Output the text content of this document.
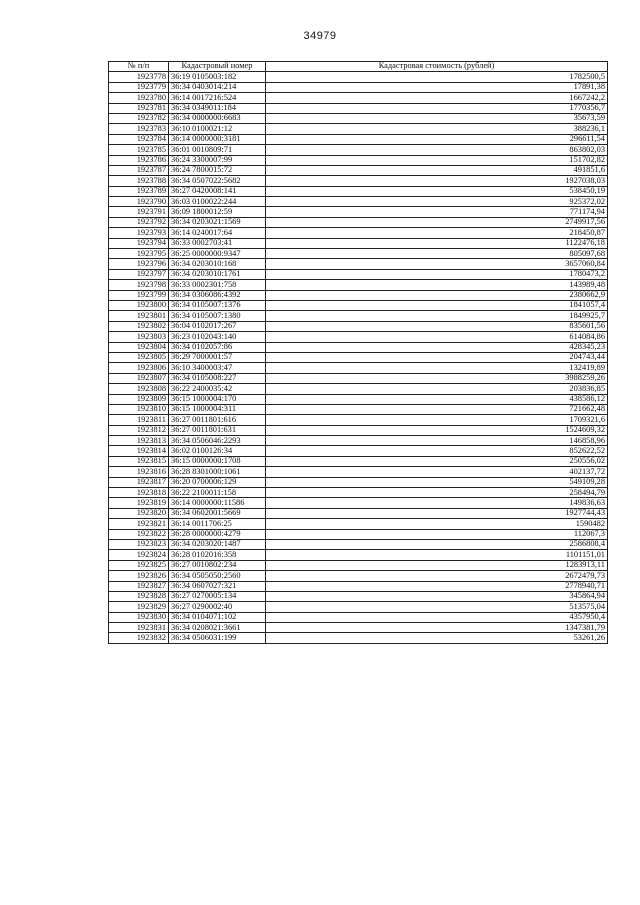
34979
№ п/п	Кадастровый номер	Кадастровая стоимость (рублей)
1923778	36:19 0105003:182	1782500,5
1923779	36:34 0403014:214	17891,38
1923780	36:14 0017216:524	1667242,2
1923781	36:34 0349011:184	1770356,7
1923782	36:34 0000000:6683	35673,59
1923783	36:10 0100021:12	388236,1
1923784	36:14 0000000:3181	296611,54
1923785	36:01 0010809:71	863802,03
1923786	36:24 3300007:99	151702,82
1923787	36:24 7800015:72	491851,6
1923788	36:34 0507022:5682	1927038,03
1923789	36:27 0420008:141	538450,19
1923790	36:03 0100022:244	925372,02
1923791	36:09 1800012:59	771174,94
1923792	36:34 0203021:1569	2749917,56
1923793	36:14 0240017:64	218450,87
1923794	36:33 0002703:41	1122476,18
1923795	36:25 0000000:9347	805097,68
1923796	36:34 0203010:168	3657060,84
1923797	36:34 0203010:1761	1780473,2
1923798	36:33 0002301:758	143989,48
1923799	36:34 0306086:4392	2380662,9
1923800	36:34 0105007:1376	1841057,4
1923801	36:34 0105007:1380	1849925,7
1923802	36:04 0102017:267	835601,56
1923803	36:23 0102043:140	614084,86
1923804	36:34 0102057:86	428345,23
1923805	36:29 7000001:57	204743,44
1923806	36:10 3400003:47	132419,89
1923807	36:34 0105008:227	3988259,26
1923808	36:22 2400035:42	203836,85
1923809	36:15 1000004:170	438586,12
1923810	36:15 1000004:311	721662,48
1923811	36:27 0011801:616	1709321,6
1923812	36:27 0011801:631	1524609,32
1923813	36:34 0506046:2293	146858,96
1923814	36:02 0100126:34	852622,52
1923815	36:15 0000000:1708	250556,02
1923816	36:28 8301000:1061	402137,72
1923817	36:20 0700006:129	549109,28
1923818	36:22 2100011:158	258494,79
1923819	36:14 0000000:11586	149836,63
1923820	36:34 0602001:5669	1927744,43
1923821	36:14 0011706:25	1590482
1923822	36:28 0000000:4279	112067,3
1923823	36:34 0203020:1487	2586808,4
1923824	36:28 0102016:358	1101151,01
1923825	36:27 0010802:234	1283913,11
1923826	36:34 0505050:2560	2672479,73
1923827	36:34 0607027:321	2778940,71
1923828	36:27 0270005:134	345864,94
1923829	36:27 0290002:40	513575,04
1923830	36:34 0104071:102	4357950,4
1923831	36:34 0208021:3661	1347381,79
1923832	36:34 0506031:199	53261,26
